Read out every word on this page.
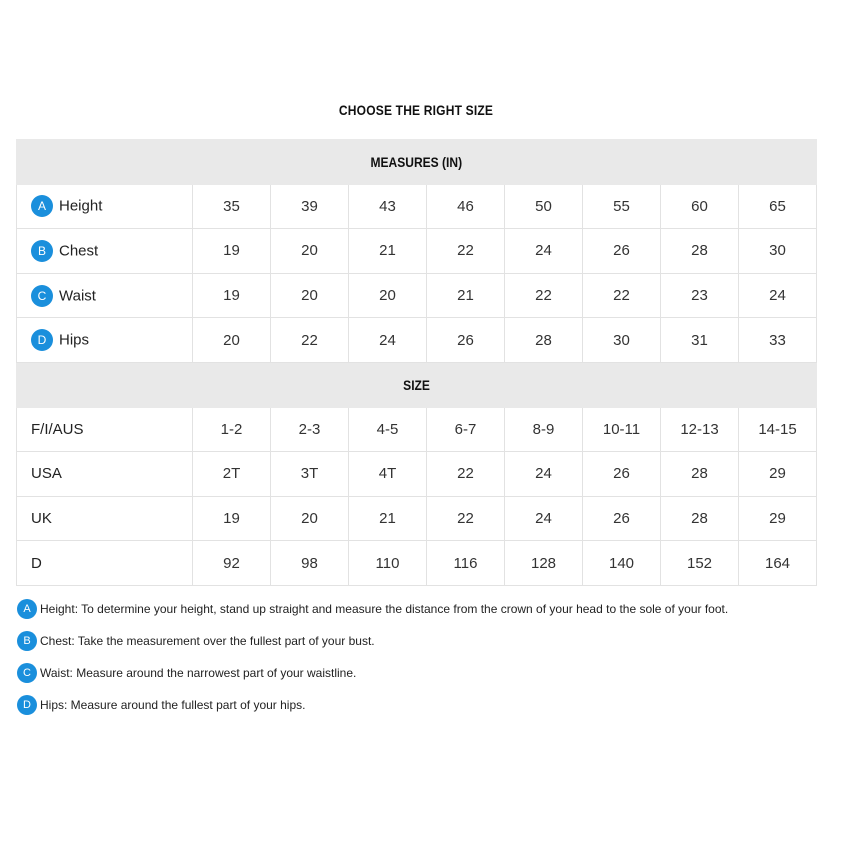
CHOOSE THE RIGHT SIZE
MEASURES (IN)								
A Height	35	39	43	46	50	55	60	65
B Chest	19	20	21	22	24	26	28	30
C Waist	19	20	20	21	22	22	23	24
D Hips	20	22	24	26	28	30	31	33
SIZE								
F/I/AUS	1-2	2-3	4-5	6-7	8-9	10-11	12-13	14-15
USA	2T	3T	4T	22	24	26	28	29
UK	19	20	21	22	24	26	28	29
D	92	98	110	116	128	140	152	164
A Height: To determine your height, stand up straight and measure the distance from the crown of your head to the sole of your foot.
B Chest: Take the measurement over the fullest part of your bust.
C Waist: Measure around the narrowest part of your waistline.
D Hips: Measure around the fullest part of your hips.
